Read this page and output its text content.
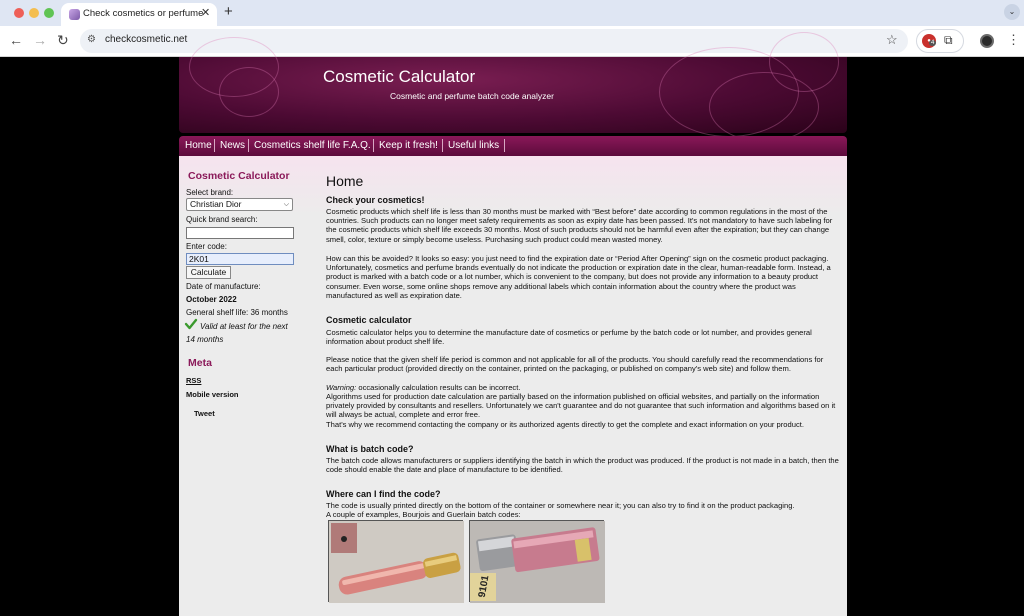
Check cosmetics or perfume
✕ +	⌄
← → ↻ ⚙ checkcosmetic.net	☆	4 ⧉	⋮
Cosmetic Calculator
Cosmetic and perfume batch code analyzer
Home News Cosmetics shelf life F.A.Q. Keep it fresh! Useful links
Cosmetic Calculator
Select brand:
Christian Dior	⌵
Quick brand search:
Enter code:
2K01
Calculate
Date of manufacture:
October 2022
General shelf life: 36 months
Valid at least for the next 14 months
Meta
RSS
Mobile version
Tweet
Home
Check your cosmetics!
Cosmetic products which shelf life is less than 30 months must be marked with “Best before” date according to common regulations in the most of the countries. Such products can no longer meet safety requirements as soon as expiry date has been passed. It's not mandatory to have such labeling for the cosmetic products which shelf life exceeds 30 months. Most of such products should not be harmful even after the expiration; but they can change smell, color, texture or simply become useless. Purchasing such product could mean wasted money.
How can this be avoided? It looks so easy: you just need to find the expiration date or “Period After Opening” sign on the cosmetic product packaging. Unfortunately, cosmetics and perfume brands eventually do not indicate the production or expiration date in the clear, human-readable form. Instead, a product is marked with a batch code or a lot number, which is convenient to the company, but does not provide any information to a beauty product consumer. Even worse, some online shops remove any additional labels which contain information about the country where the product was manufactured as well as expiration date.
Cosmetic calculator
Cosmetic calculator helps you to determine the manufacture date of cosmetics or perfume by the batch code or lot number, and provides general information about product shelf life.
Please notice that the given shelf life period is common and not applicable for all of the products. You should carefully read the recommendations for each particular product (provided directly on the container, printed on the packaging, or published on company's web site) and follow them.
Warning: occasionally calculation results can be incorrect.
Algorithms used for production date calculation are partially based on the information published on official websites, and partially on the information privately provided by consultants and resellers. Unfortunately we can't guarantee and do not guarantee that such information and algorithms based on it will always be actual, complete and error free.
That's why we recommend contacting the company or its authorized agents directly to get the complete and exact information on your product.
What is batch code?
The batch code allows manufacturers or suppliers identifying the batch in which the product was produced. If the product is not made in a batch, then the code should enable the date and place of manufacture to be identified.
Where can I find the code?
The code is usually printed directly on the bottom of the container or somewhere near it; you can also try to find it on the product packaging.
A couple of examples, Bourjois and Guerlain batch codes:
9101
